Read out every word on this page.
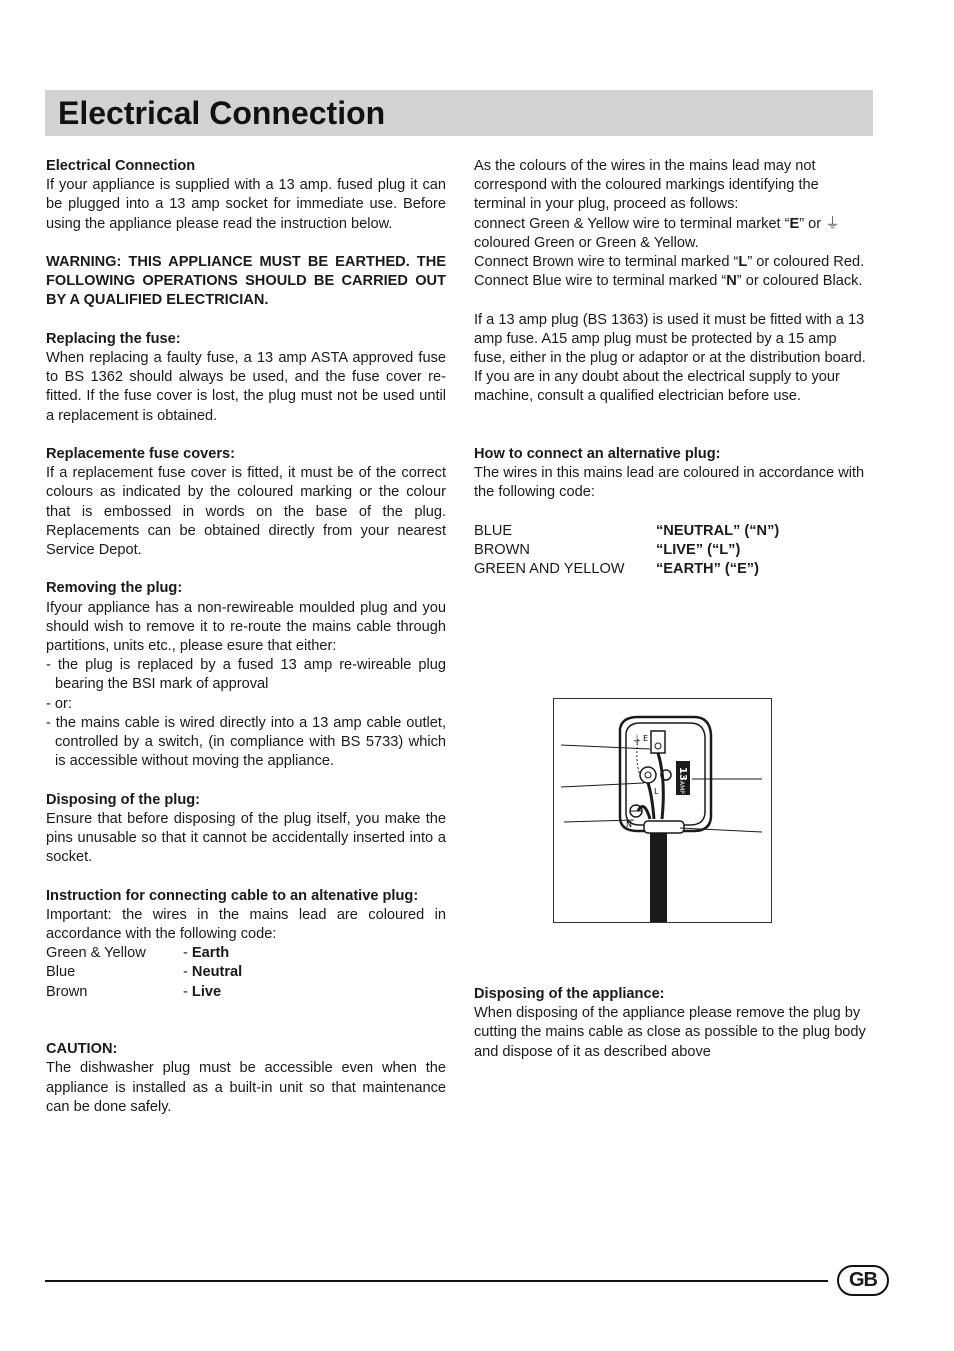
Electrical Connection

Electrical Connection
If your appliance is supplied with a 13 amp. fused plug it can be plugged into a 13 amp socket for immediate use. Before using the appliance please read the instruction below.

WARNING: THIS APPLIANCE MUST BE EARTHED. THE FOLLOWING OPERATIONS SHOULD BE CARRIED OUT BY A QUALIFIED ELECTRICIAN.

Replacing the fuse:
When replacing a faulty fuse, a 13 amp ASTA approved fuse to BS 1362 should always be used, and the fuse cover re-fitted. If the fuse cover is lost, the plug must not be used until a replacement is obtained.

Replacemente fuse covers:
If a replacement fuse cover is fitted, it must be of the correct colours as indicated by the coloured marking or the colour that is embossed in words on the base of the plug. Replacements can be obtained directly from your nearest Service Depot.

Removing the plug:
Ifyour appliance has a non-rewireable moulded plug and you should wish to remove it to re-route the mains cable through partitions, units etc., please esure that either:
- the plug is replaced by a fused 13 amp re-wireable plug bearing the BSI mark of approval
- or:
- the mains cable is wired directly into a 13 amp cable outlet, controlled by a switch, (in compliance with BS 5733) which is accessible without moving the appliance.

Disposing of the plug:
Ensure that before disposing of the plug itself, you make the pins unusable so that it cannot be accidentally inserted into a socket.

Instruction for connecting cable to an altenative plug:
Important: the wires in the mains lead are coloured in accordance with the following code:

Green & Yellow	- Earth
Blue	- Neutral
Brown	- Live

CAUTION:
The dishwasher plug must be accessible even when the appliance is installed as a built-in unit so that maintenance can be done safely.

As the colours of the wires in the mains lead may not correspond with the coloured markings identifying the terminal in your plug, proceed as follows:
connect Green & Yellow wire to terminal market “E” or ⏚ coloured Green or Green & Yellow.
Connect Brown wire to terminal marked “L” or coloured Red.
Connect Blue wire to terminal marked “N” or coloured Black.

If a 13 amp plug (BS 1363) is used it must be fitted with a 13 amp fuse. A15 amp plug must be protected by a 15 amp fuse, either in the plug or adaptor or at the distribution board.
If you are in any doubt about the electrical supply to your machine, consult a qualified electrician before use.

How to connect an alternative plug:
The wires in this mains lead are coloured in accordance with the following code:

BLUE	“NEUTRAL” (“N”)
BROWN	“LIVE” (“L”)
GREEN AND YELLOW	“EARTH” (“E”)
E
⏚
L
13
AMP
N

Disposing of the appliance:
When disposing of the appliance please remove the plug by cutting the mains cable as close as possible to the plug body and dispose of it as described above

GB
